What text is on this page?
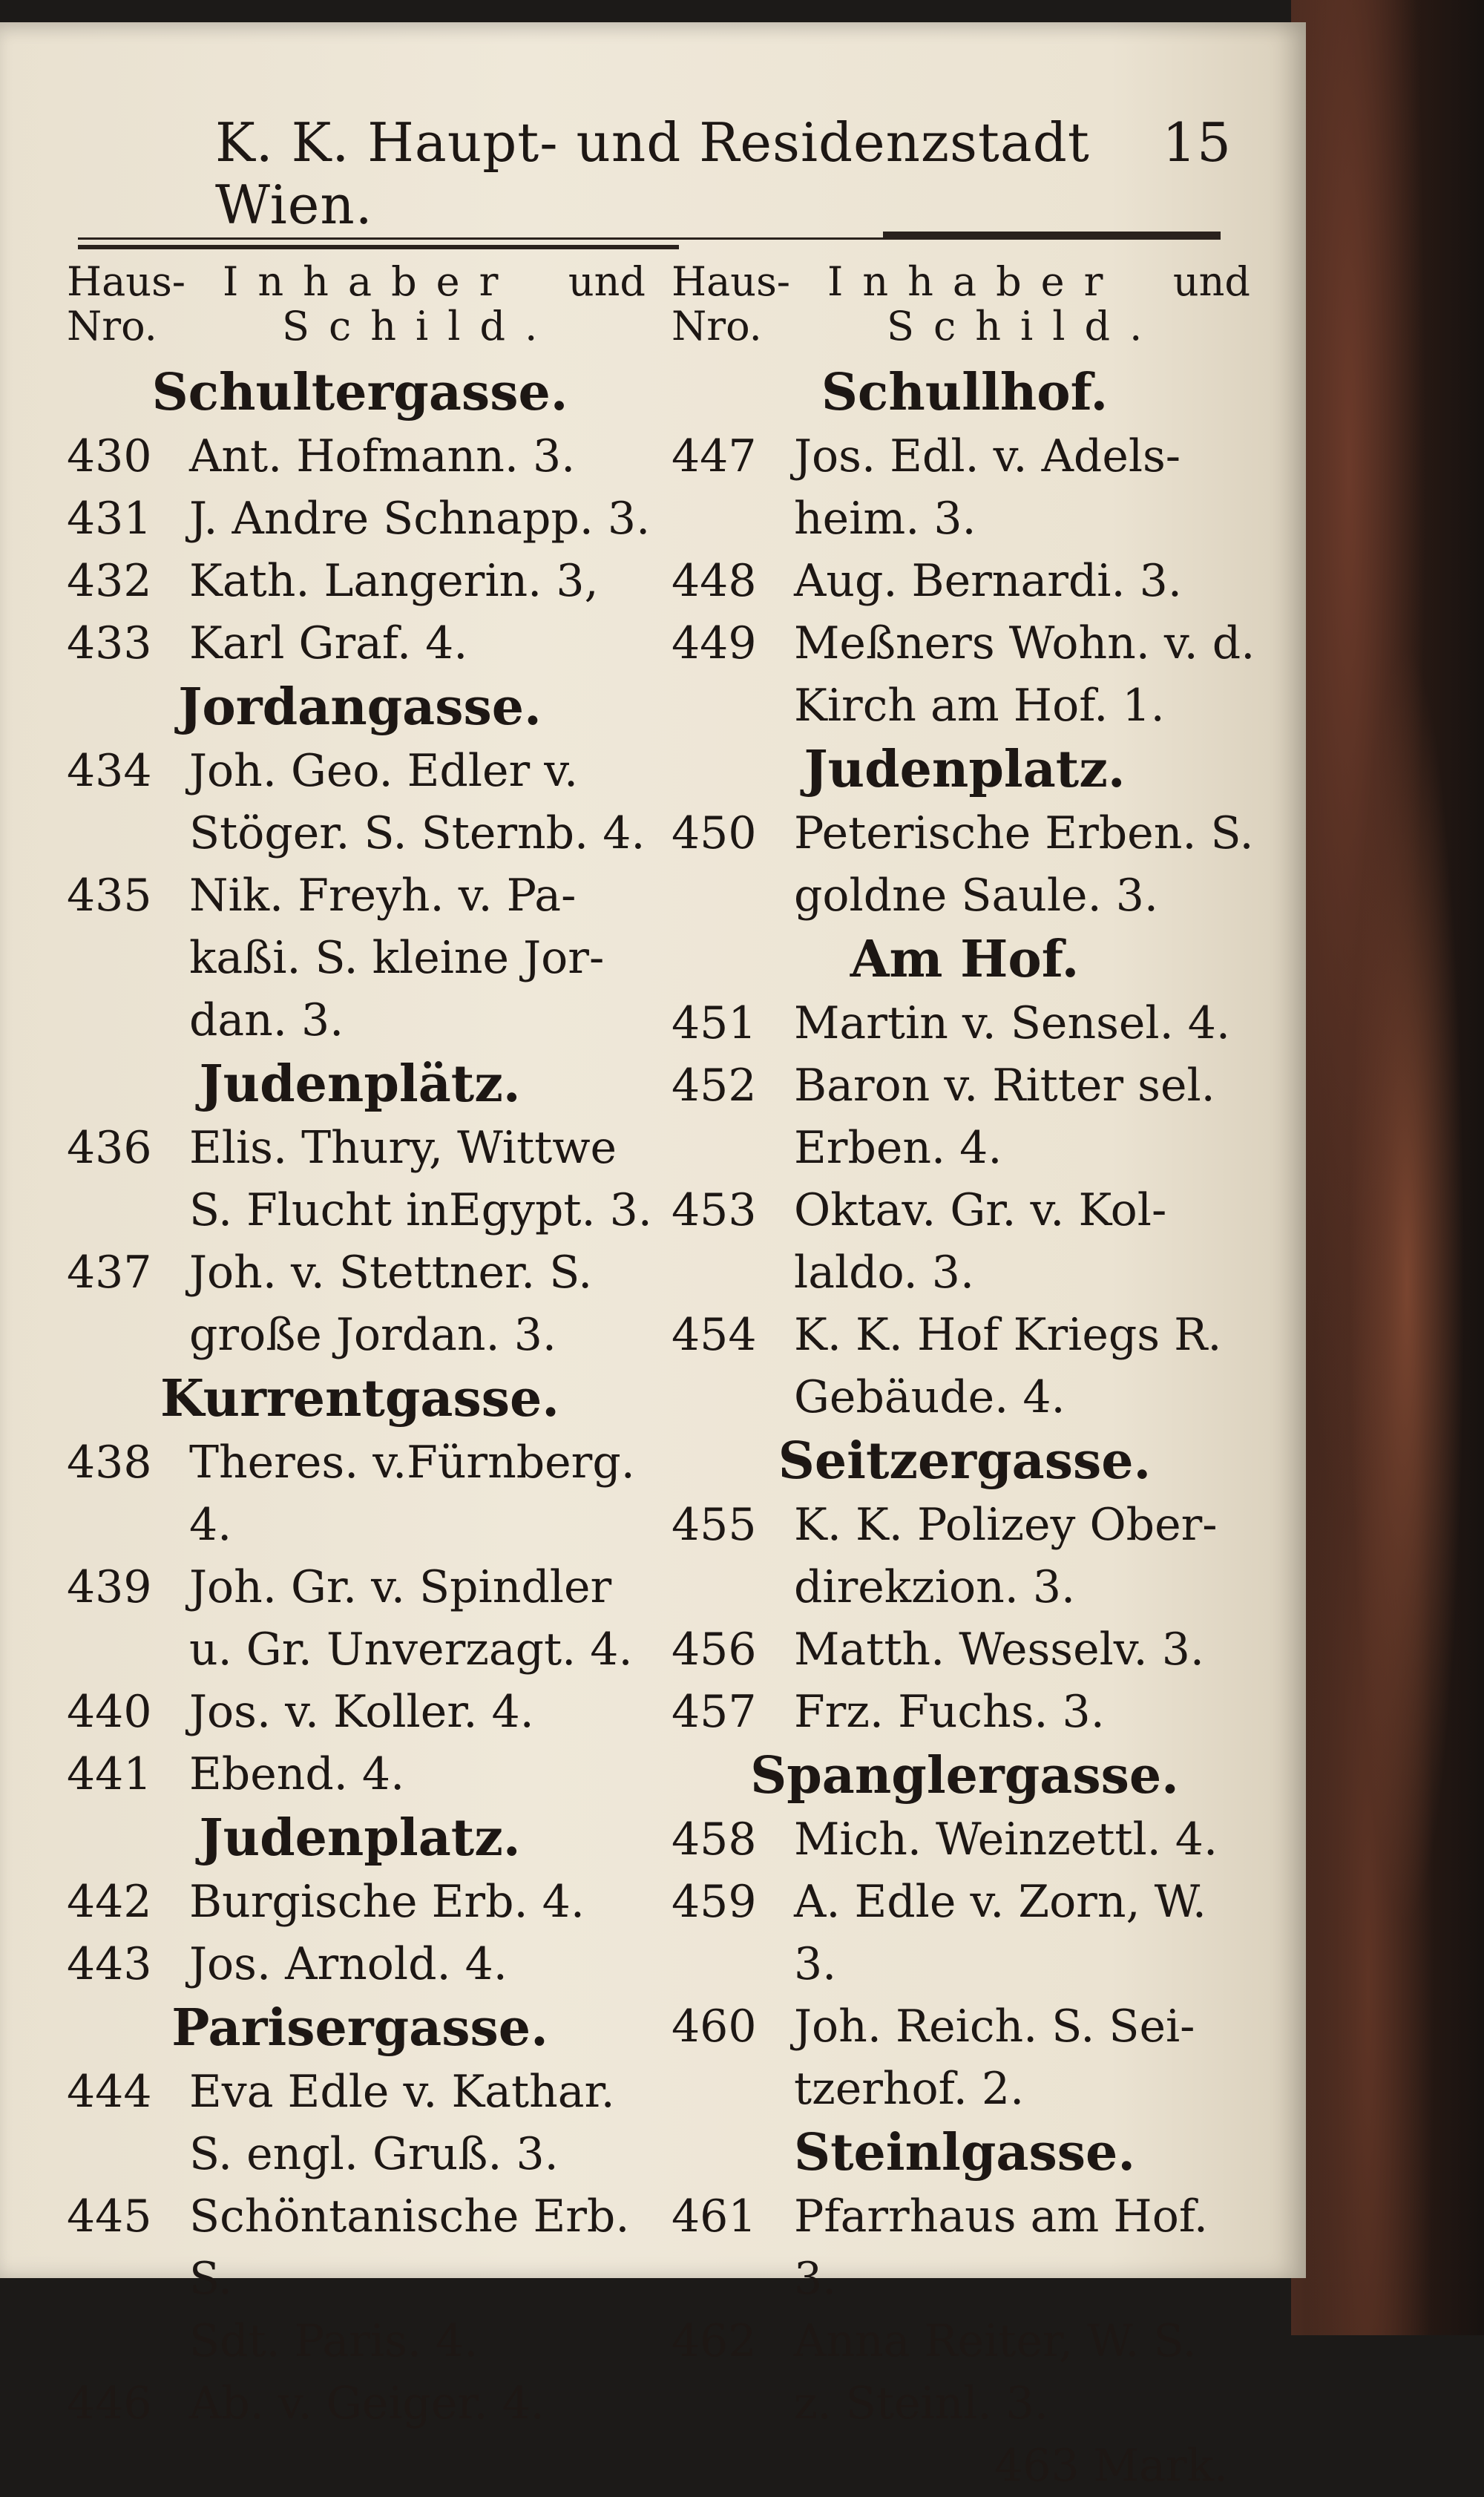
K. K. Haupt- und Residenzstadt Wien.
15
Haus-
Nro.
Inhaber und
Schild.
Schultergasse.
430 Ant. Hofmann. 3.
431 J. Andre Schnapp. 3.
432 Kath. Langerin. 3,
433 Karl Graf. 4.
Jordangasse.
434 Joh. Geo. Edler v.
Stöger. S. Sternb. 4.
435 Nik. Freyh. v. Pa-
kaßi. S. kleine Jor-
dan. 3.
Judenplätz.
436 Elis. Thury, Wittwe
S. Flucht inEgypt. 3.
437 Joh. v. Stettner. S.
große Jordan. 3.
Kurrentgasse.
438 Theres. v.Fürnberg. 4.
439 Joh. Gr. v. Spindler
u. Gr. Unverzagt. 4.
440 Jos. v. Koller. 4.
441 Ebend. 4.
Judenplatz.
442 Burgische Erb. 4.
443 Jos. Arnold. 4.
Parisergasse.
444 Eva Edle v. Kathar.
S. engl. Gruß. 3.
445 Schöntanische Erb. S.
Sdt. Paris. 4.
446 Ab. v. Geiger. 4.
Haus-
Nro.
Inhaber und
Schild.
Schullhof.
447 Jos. Edl. v. Adels-
heim. 3.
448 Aug. Bernardi. 3.
449 Meßners Wohn. v. d.
Kirch am Hof. 1.
Judenplatz.
450 Peterische Erben. S.
goldne Saule. 3.
Am Hof.
451 Martin v. Sensel. 4.
452 Baron v. Ritter sel.
Erben. 4.
453 Oktav. Gr. v. Kol-
laldo. 3.
454 K. K. Hof Kriegs R.
Gebäude. 4.
Seitzergasse.
455 K. K. Polizey Ober-
direkzion. 3.
456 Matth. Wesselv. 3.
457 Frz. Fuchs. 3.
Spanglergasse.
458 Mich. Weinzettl. 4.
459 A. Edle v. Zorn, W. 3.
460 Joh. Reich. S. Sei-
tzerhof. 2.
Steinlgasse.
461 Pfarrhaus am Hof. 3.
462 Anna Reiter, W. S.
z. Steinl. 3.
463 Mark.
